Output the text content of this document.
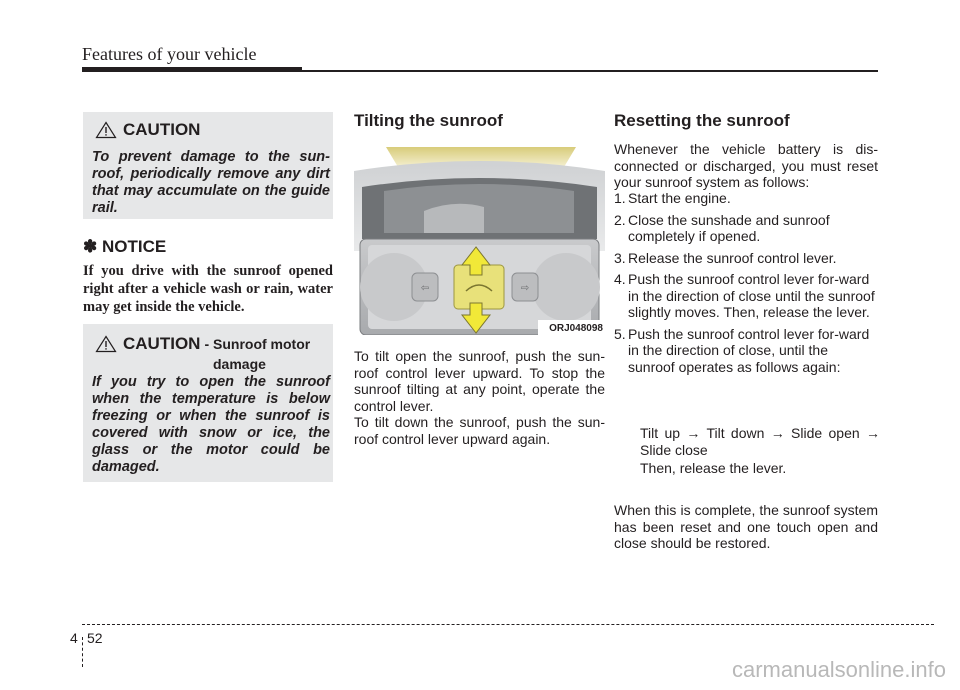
Features of your vehicle
CAUTION
To prevent damage to the sun-roof, periodically remove any dirt that may accumulate on the guide rail.
✽ NOTICE
If you drive with the sunroof opened right after a vehicle wash or rain, water may get inside the vehicle.
CAUTION - Sunroof motor
damage
If you try to open the sunroof when the temperature is below freezing or when the sunroof is covered with snow or ice, the glass or the motor could be damaged.
Tilting the sunroof
⇦	⇨
ORJ048098
To tilt open the sunroof, push the sun-roof control lever upward. To stop the sunroof tilting at any point, operate the control lever.
To tilt down the sunroof, push the sun-roof control lever upward again.
Resetting the sunroof
Whenever the vehicle battery is dis-connected or discharged, you must reset your sunroof system as follows:
1. Start the engine.
2. Close the sunshade and sunroof completely if opened.
3. Release the sunroof control lever.
4. Push the sunroof control lever for-ward in the direction of close until the sunroof slightly moves. Then, release the lever.
5. Push the sunroof control lever for-ward in the direction of close, until the sunroof operates as follows again:
Tilt up → Tilt down → Slide open → Slide close
Then, release the lever.
When this is complete, the sunroof system has been reset and one touch open and close should be restored.
4 52
carmanualsonline.info
